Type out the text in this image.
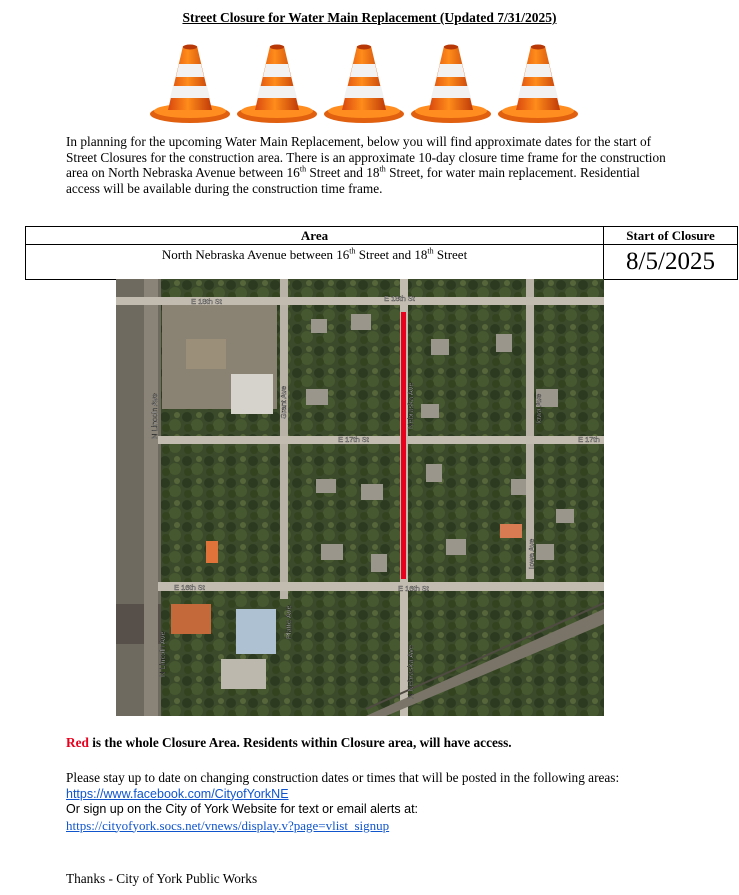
Street Closure for Water Main Replacement (Updated 7/31/2025)
In planning for the upcoming Water Main Replacement, below you will find approximate dates for the start of Street Closures for the construction area. There is an approximate 10-day closure time frame for the construction area on North Nebraska Avenue between 16th Street and 18th Street, for water main replacement. Residential access will be available during the construction time frame.
Area	Start of Closure
North Nebraska Avenue between 16th Street and 18th Street	8/5/2025
E 18th St	E 18th St
E 17th St	E 17th
E 16th St	E 16th St
N Lincoln Ave
N Lincoln Ave
Nebraska Ave
N Nebraska Ave
Grant Ave	Iowa Ave
Iowa Ave
Platte Ave
Red is the whole Closure Area. Residents within Closure area, will have access.
Please stay up to date on changing construction dates or times that will be posted in the following areas:
https://www.facebook.com/CityofYorkNE
Or sign up on the City of York Website for text or email alerts at:
https://cityofyork.socs.net/vnews/display.v?page=vlist_signup
Thanks - City of York Public Works
